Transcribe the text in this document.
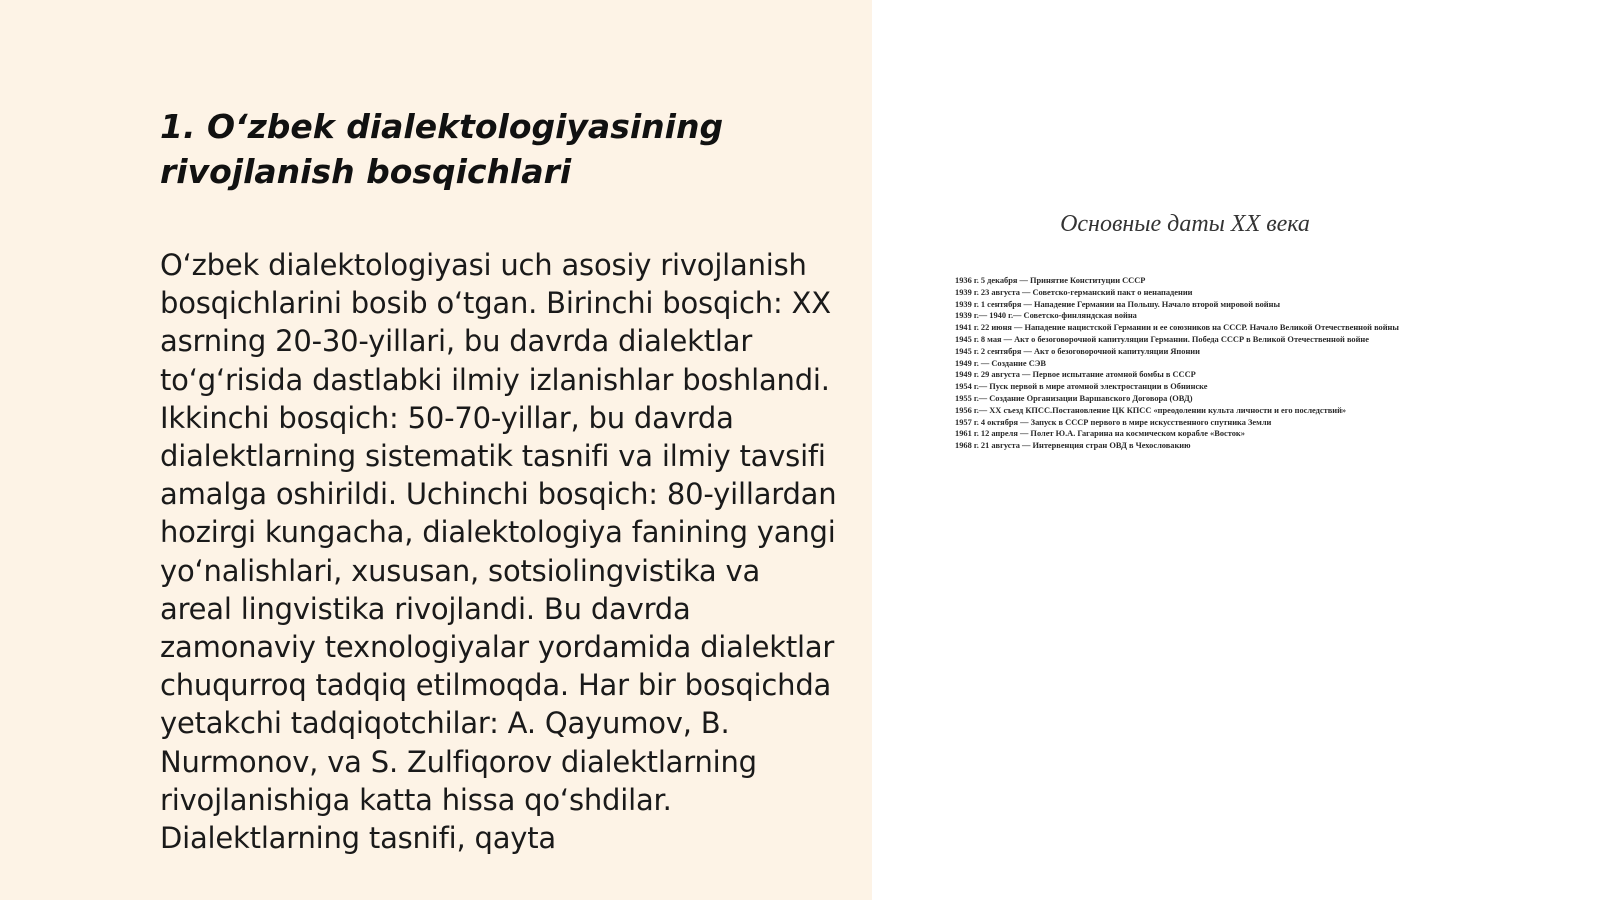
1. O‘zbek dialektologiyasining rivojlanish bosqichlari

O‘zbek dialektologiyasi uch asosiy rivojlanish bosqichlarini bosib o‘tgan. Birinchi bosqich: XX asrning 20-30-yillari, bu davrda dialektlar to‘g‘risida dastlabki ilmiy izlanishlar boshlandi. Ikkinchi bosqich: 50-70-yillar, bu davrda dialektlarning sistematik tasnifi va ilmiy tavsifi amalga oshirildi. Uchinchi bosqich: 80-yillardan hozirgi kungacha, dialektologiya fanining yangi yo‘nalishlari, xususan, sotsiolingvistika va areal lingvistika rivojlandi. Bu davrda zamonaviy texnologiyalar yordamida dialektlar chuqurroq tadqiq etilmoqda. Har bir bosqichda yetakchi tadqiqotchilar: A. Qayumov, B. Nurmonov, va S. Zulfiqorov dialektlarning rivojlanishiga katta hissa qo‘shdilar. Dialektlarning tasnifi, qayta

Основные даты XX века

1936 г. 5 декабря — Принятие Конституции СССР
1939 г. 23 августа — Советско-германский пакт о ненападении
1939 г. 1 сентября — Нападение Германии на Польшу. Начало второй мировой войны
1939 г.— 1940 г.— Советско-финляндская война
1941 г. 22 июня — Нападение нацистской Германии и ее союзников на СССР. Начало Великой Отечественной войны
1945 г. 8 мая — Акт о безоговорочной капитуляции Германии. Победа СССР в Великой Отечественной войне
1945 г. 2 сентября — Акт о безоговорочной капитуляции Японии
1949 г. — Создание СЭВ
1949 г. 29 августа — Первое испытание атомной бомбы в СССР
1954 г.— Пуск первой в мире атомной электростанции в Обнинске
1955 г.— Создание Организации Варшавского Договора (ОВД)
1956 г.— XX съезд КПСС.Постановление ЦК КПСС «преодолении культа личности и его последствий»
1957 г. 4 октября — Запуск в СССР первого в мире искусственного спутника Земли
1961 г. 12 апреля — Полет Ю.А. Гагарина на космическом корабле «Восток»
1968 г. 21 августа — Интервенция стран ОВД в Чехословакию
